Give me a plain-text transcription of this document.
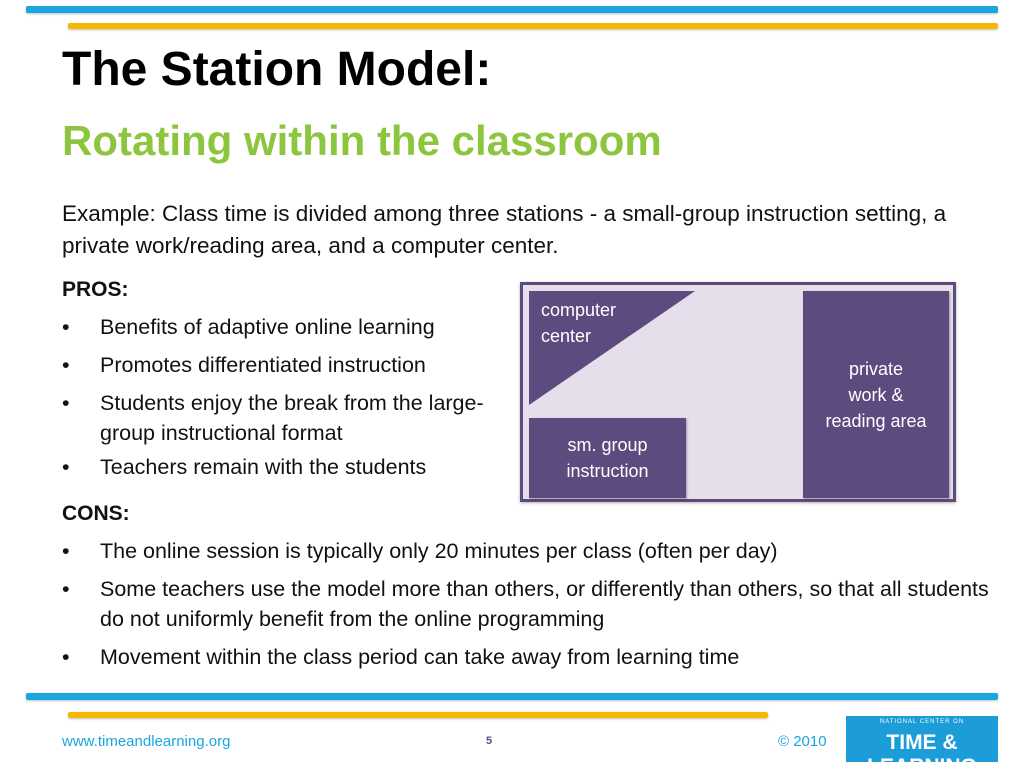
The Station Model:
Rotating within the classroom

Example: Class time is divided among three stations - a small-group instruction setting, a private work/reading area, and a computer center.

PROS:

• Benefits of adaptive online learning
• Promotes differentiated instruction
• Students enjoy the break from the large-group instructional format
• Teachers remain with the students

CONS:

• The online session is typically only 20 minutes per class (often per day)
• Some teachers use the model more than others, or differently than others, so that all students do not uniformly benefit from the online programming
• Movement within the class period can take away from learning time
computer
center
sm. group
instruction
private
work &
reading area
www.timeandlearning.org	5	© 2010
NATIONAL CENTER ON
TIME & LEARNING
